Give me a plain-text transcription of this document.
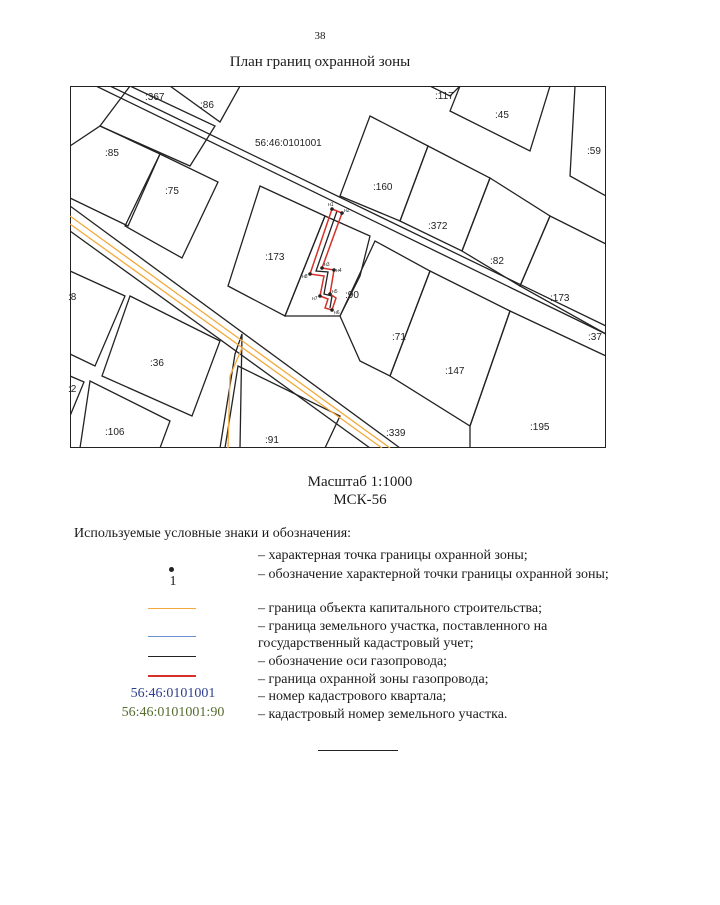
38
План границ охранной зоны
н1
н2
н3
н4
н5
н6
н7
н8
56:46:0101001
:367
:86
:85
:75
:117
:45
:59
:160
:372
:173	:82
:90	:173
:37
:71
:36
:147
:106
:91
:339
:195
:2
:8
Масштаб 1:1000
МСК-56
Используемые условные знаки и обозначения:
– характерная точка границы охранной зоны;
1	– обозначение характерной точки границы охранной зоны;
– граница объекта капитального строительства;
– граница земельного участка, поставленного на государственный кадастровый учет;
– обозначение оси газопровода;
– граница охранной зоны газопровода;
56:46:0101001	– номер кадастрового квартала;
56:46:0101001:90	– кадастровый номер земельного участка.
